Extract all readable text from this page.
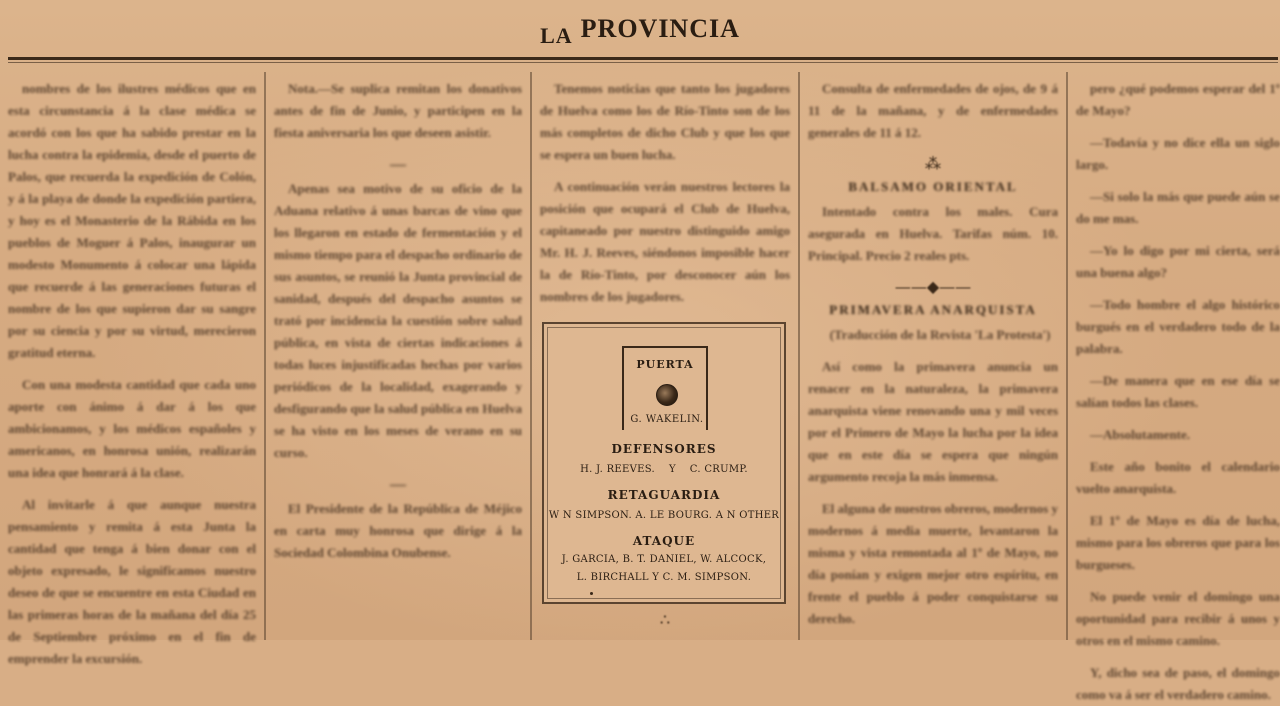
$_{LA}$ PROVINCIA

nombres de los ilustres médicos que en esta circunstancia á la clase médica se acordó con los que ha sabido prestar en la lucha contra la epidemia, desde el puerto de Palos, que recuerda la expedición de Colón, y á la playa de donde la expedición partiera, y hoy es el Monasterio de la Rábida en los pueblos de Moguer á Palos, inaugurar un modesto Monumento á colocar una lápida que recuerde á las generaciones futuras el nombre de los que supieron dar su sangre por su ciencia y por su virtud, merecieron gratitud eterna.

Con una modesta cantidad que cada uno aporte con ánimo á dar á los que ambicionamos, y los médicos españoles y americanos, en honrosa unión, realizarán una idea que honrará á la clase.

Al invitarle á que aunque nuestra pensamiento y remita á esta Junta la cantidad que tenga á bien donar con el objeto expresado, le significamos nuestro deseo de que se encuentre en esta Ciudad en las primeras horas de la mañana del día 25 de Septiembre próximo en el fin de emprender la excursión.

Nota.—Se suplica remitan los donativos antes de fin de Junio, y participen en la fiesta aniversaria los que deseen asistir.

—

Apenas sea motivo de su oficio de la Aduana relativo á unas barcas de vino que los llegaron en estado de fermentación y el mismo tiempo para el despacho ordinario de sus asuntos, se reunió la Junta provincial de sanidad, después del despacho asuntos se trató por incidencia la cuestión sobre salud pública, en vista de ciertas indicaciones á todas luces injustificadas hechas por varios periódicos de la localidad, exagerando y desfigurando que la salud pública en Huelva se ha visto en los meses de verano en su curso.

—

El Presidente de la República de Méjico en carta muy honrosa que dirige á la Sociedad Colombina Onubense.

Tenemos noticias que tanto los jugadores de Huelva como los de Río-Tinto son de los más completos de dicho Club y que los que se espera un buen lucha.

A continuación verán nuestros lectores la posición que ocupará el Club de Huelva, capitaneado por nuestro distinguido amigo Mr. H. J. Reeves, siéndonos imposible hacer la de Río-Tinto, por desconocer aún los nombres de los jugadores.

PUERTA
G. WAKELIN.
DEFENSORES
H. J. REEVES. Y C. CRUMP.
RETAGUARDIA
W N SIMPSON. A. LE BOURG. A N OTHER
ATAQUE
J. GARCIA, B. T. DANIEL, W. ALCOCK,
L. BIRCHALL Y C. M. SIMPSON.
∴

Consulta de enfermedades de ojos, de 9 á 11 de la mañana, y de enfermedades generales de 11 á 12.

⁂
BALSAMO ORIENTAL

Intentado contra los males. Cura asegurada en Huelva. Tarifas núm. 10. Principal. Precio 2 reales pts.

——◆——
PRIMAVERA ANARQUISTA

(Traducción de la Revista 'La Protesta')

Así como la primavera anuncia un renacer en la naturaleza, la primavera anarquista viene renovando una y mil veces por el Primero de Mayo la lucha por la idea que en este día se espera que ningún argumento recoja la más inmensa.

El alguna de nuestros obreros, modernos y modernos á media muerte, levantaron la misma y vista remontada al 1º de Mayo, no día ponían y exigen mejor otro espíritu, en frente el pueblo á poder conquistarse su derecho.

pero ¿qué podemos esperar del 1º de Mayo?

—Todavía y no dice ella un siglo largo.

—Si solo la más que puede aún se do me mas.

—Yo lo digo por mi cierta, será una buena algo?

—Todo hombre el algo histórico burgués en el verdadero todo de la palabra.

—De manera que en ese día se salían todos las clases.

—Absolutamente.

Este año bonito el calendario vuelto anarquista.

El 1º de Mayo es día de lucha, mismo para los obreros que para los burgueses.

No puede venir el domingo una oportunidad para recibir á unos y otros en el mismo camino.

Y, dicho sea de paso, el domingo como va á ser el verdadero camino.
